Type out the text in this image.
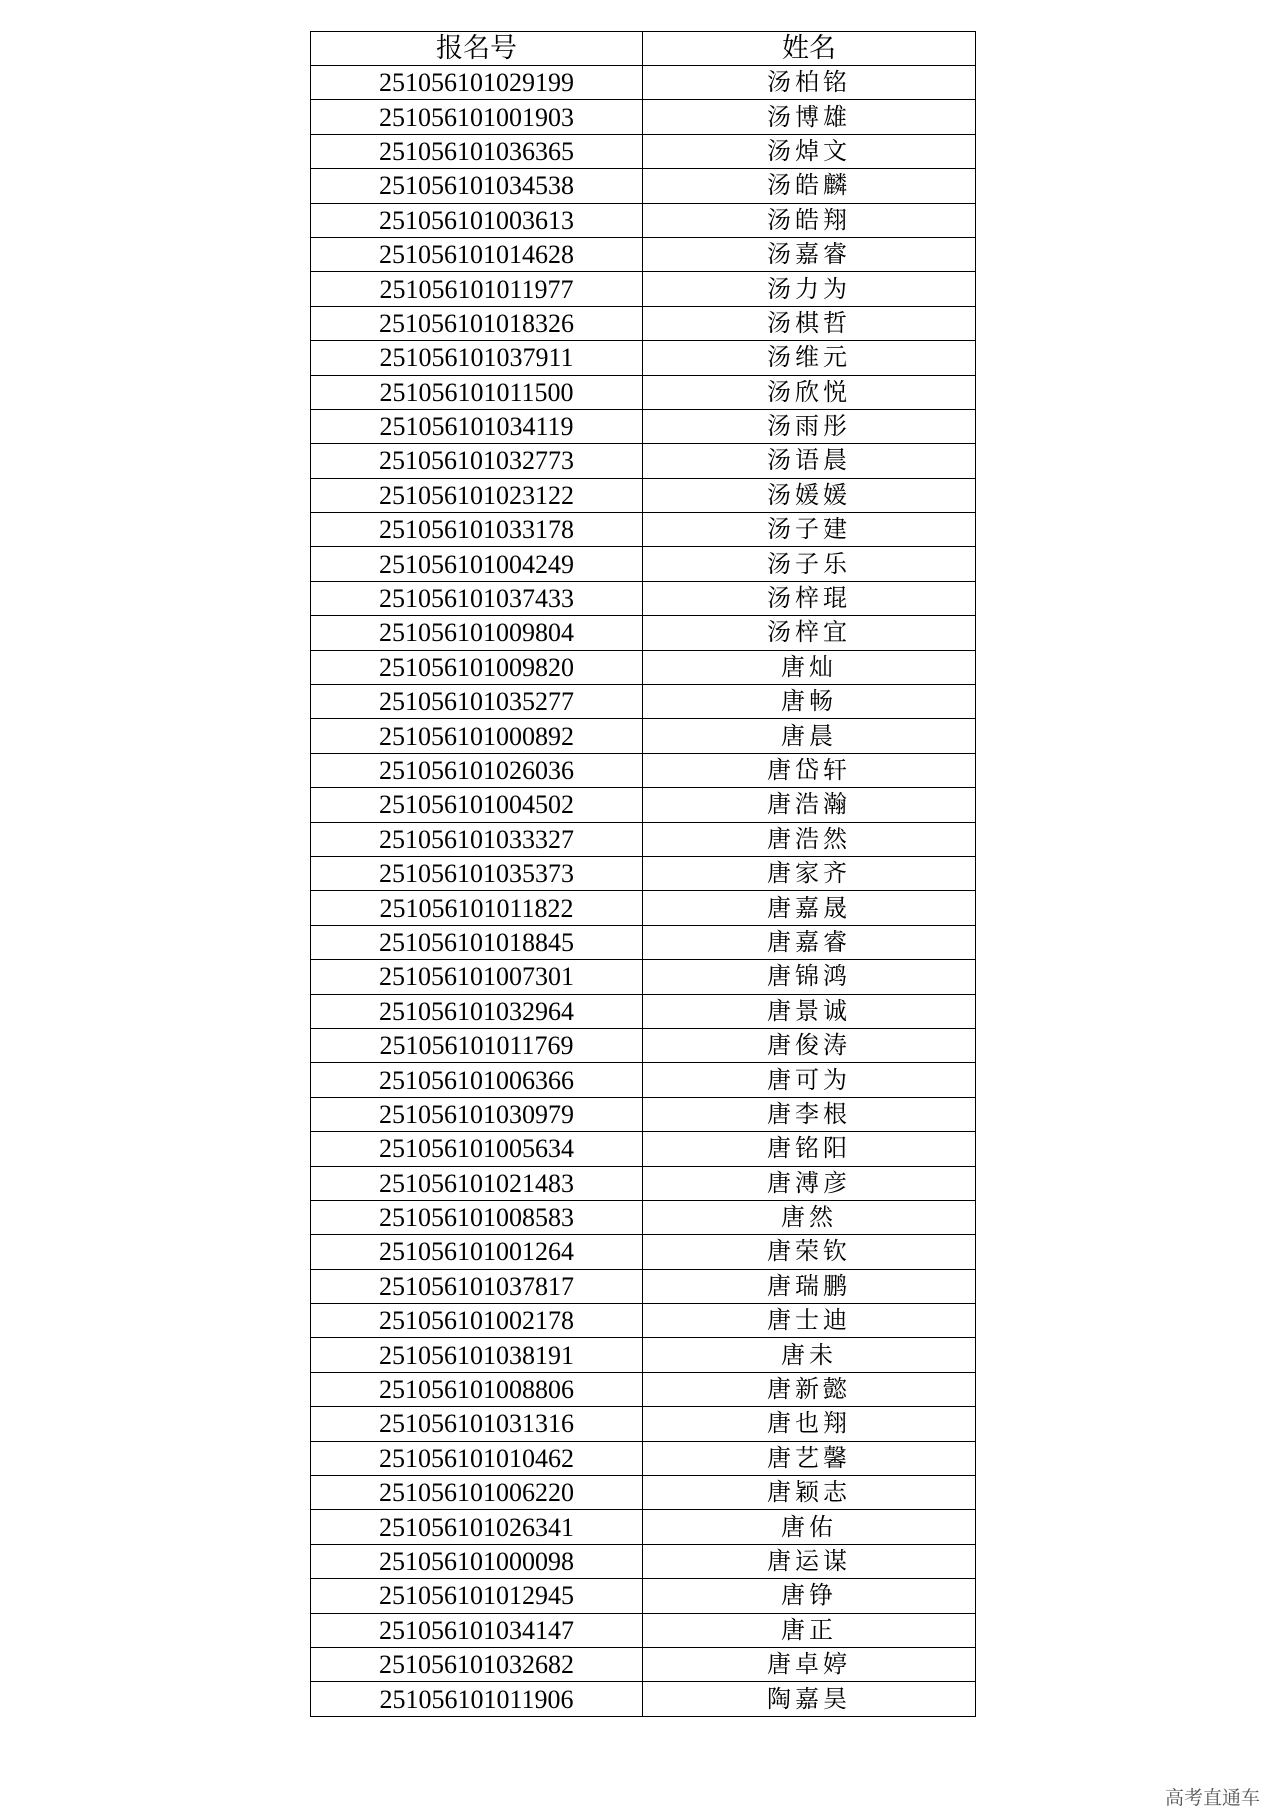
报名号	姓名
251056101029199	汤柏铭
251056101001903	汤博雄
251056101036365	汤焯文
251056101034538	汤皓麟
251056101003613	汤皓翔
251056101014628	汤嘉睿
251056101011977	汤力为
251056101018326	汤棋哲
251056101037911	汤维元
251056101011500	汤欣悦
251056101034119	汤雨彤
251056101032773	汤语晨
251056101023122	汤媛媛
251056101033178	汤子建
251056101004249	汤子乐
251056101037433	汤梓琨
251056101009804	汤梓宜
251056101009820	唐灿
251056101035277	唐畅
251056101000892	唐晨
251056101026036	唐岱轩
251056101004502	唐浩瀚
251056101033327	唐浩然
251056101035373	唐家齐
251056101011822	唐嘉晟
251056101018845	唐嘉睿
251056101007301	唐锦鸿
251056101032964	唐景诚
251056101011769	唐俊涛
251056101006366	唐可为
251056101030979	唐李根
251056101005634	唐铭阳
251056101021483	唐溥彦
251056101008583	唐然
251056101001264	唐荣钦
251056101037817	唐瑞鹏
251056101002178	唐士迪
251056101038191	唐未
251056101008806	唐新懿
251056101031316	唐也翔
251056101010462	唐艺馨
251056101006220	唐颖志
251056101026341	唐佑
251056101000098	唐运谋
251056101012945	唐铮
251056101034147	唐正
251056101032682	唐卓婷
251056101011906	陶嘉昊
高考直通车
